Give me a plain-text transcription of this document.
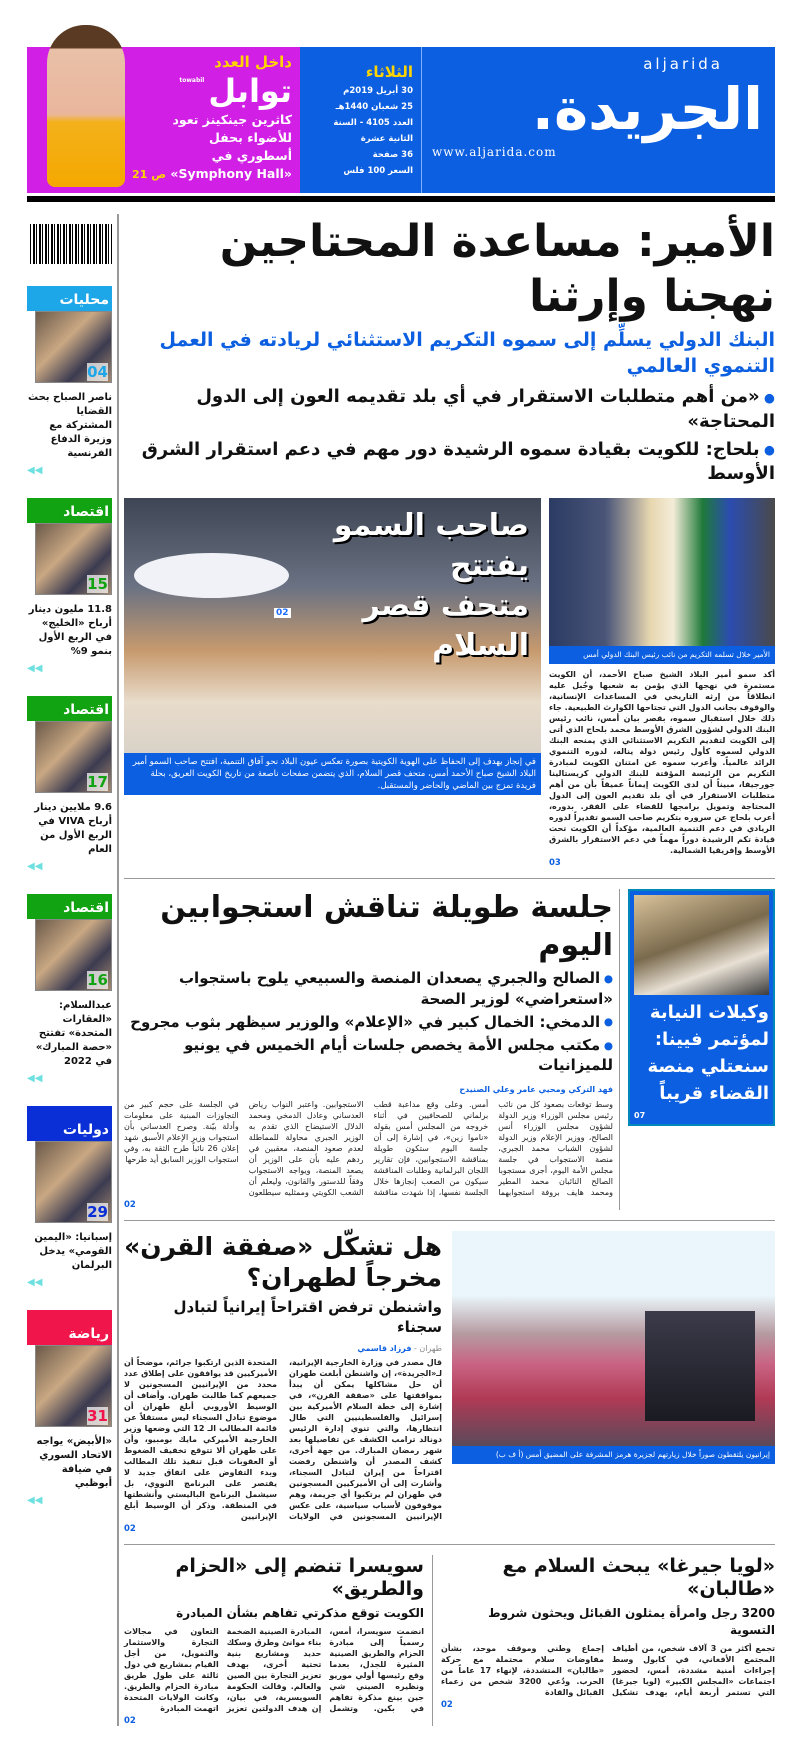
داخل العدد
توابل
towabil
كاثرين جينكينز تعود للأضواء بحفل
أسطوري في «Symphony Hall» ص 21
الثلاثاء
30 أبريل 2019م
25 شعبان 1440هـ
العدد 4105 - السنة الثانية عشرة
36 صفحة
السعر 100 فلس
aljarida
الجريدة.
www.aljarida.com
محليات
04
ناصر الصباح بحث القضايا المشتركة مع وزيرة الدفاع الفرنسية
◀◀
اقتصاد
15
11.8 مليون دينار أرباح «الخليج» في الربع الأول بنمو 9%
◀◀
اقتصاد
17
9.6 ملايين دينار أرباح VIVA في الربع الأول من العام
◀◀
اقتصاد
16
عبدالسلام: «العقارات المتحدة» تفتتح «حصة المبارك» في 2022
◀◀
دوليات
29
إسبانيا: «اليمين القومي» يدخل البرلمان
◀◀
رياضة
31
«الأبيض» يواجه الاتحاد السوري في ضيافة أبوظبي
◀◀
الأمير: مساعدة المحتاجين نهجنا وإرثنا
البنك الدولي يسلِّم إلى سموه التكريم الاستثنائي لريادته في العمل التنموي العالمي
● «من أهم متطلبات الاستقرار في أي بلد تقديمه العون إلى الدول المحتاجة»
● بلحاج: للكويت بقيادة سموه الرشيدة دور مهم في دعم استقرار الشرق الأوسط
صاحب السمو يفتتح
متحف قصر السلام
02
في إنجاز يهدف إلى الحفاظ على الهوية الكويتية بصورة تعكس عيون البلاد نحو آفاق التنمية، افتتح صاحب السمو أمير البلاد الشيخ صباح الأحمد أمس، متحف قصر السلام، الذي يتضمن صفحات ناصعة من تاريخ الكويت العريق، بحلة فريدة تمزج بين الماضي والحاضر والمستقبل.
الأمير خلال تسلمه التكريم من نائب رئيس البنك الدولي أمس
أكد سمو أمير البلاد الشيخ صباح الأحمد، أن الكويت مستمرة في نهجها الذي يؤمن به شعبها وجُبل عليه انطلاقاً من إرثه التاريخي في المساعدات الإنسانية، والوقوف بجانب الدول التي تجتاحها الكوارث الطبيعية. جاء ذلك خلال استقبال سموه، بقصر بيان أمس، نائب رئيس البنك الدولي لشؤون الشرق الأوسط محمد بلحاج الذي أتى إلى الكويت لتقديم التكريم الاستثنائي الذي يمنحه البنك الدولي لسموه كأول رئيس دولة يناله، لدوره التنموي الرائد عالمياً. وأعرب سموه عن امتنان الكويت لمبادرة التكريم من الرئيسة المؤقتة للبنك الدولي كريستالينا جورجيفا، مبيناً أن لدى الكويت إيماناً عميقاً بأن من أهم متطلبات الاستقرار في أي بلد تقديم العون إلى الدول المحتاجة وتمويل برامجها للقضاء على الفقر. بدوره، أعرب بلحاج عن سروره بتكريم صاحب السمو تقديراً لدوره الريادي في دعم التنمية العالمية، مؤكداً أن الكويت تحت قيادة تكم الرشيدة دوراً مهماً في دعم الاستقرار بالشرق الأوسط وإفريقيا الشمالية.
03
جلسة طويلة تناقش استجوابين اليوم
● الصالح والجبري يصعدان المنصة والسبيعي يلوح باستجواب «استعراضي» لوزير الصحة
● الدمخي: الخمال كبير في «الإعلام» والوزير سيظهر بثوب مجروح
● مكتب مجلس الأمة يخصص جلسات أيام الخميس في يونيو للميزانيات
فهد التركي ومحيي عامر وعلي الصنيدح
وسط توقعات بصعود كل من نائب رئيس مجلس الوزراء وزير الدولة لشؤون مجلس الوزراء أنس الصالح، ووزير الإعلام وزير الدولة لشؤون الشباب محمد الجبري، منصة الاستجواب في جلسة مجلس الأمة اليوم، أجرى مستجوبا الصالح النائبان محمد المطير ومحمد هايف بروفة استجوابهما أمس. وعلى وقع مداعبة قطب برلماني للصحافيين في أثناء خروجه من المجلس أمس بقوله «ناموا زين»، في إشارة إلى أن جلسة اليوم ستكون طويلة بمناقشة الاستجوابين، فإن تقارير اللجان البرلمانية وطلبات المناقشة سيكون من الصعب إنجازها خلال الجلسة نفسها، إذا شهدت مناقشة الاستجوابين. واعتبر النواب رياض العدساني وعادل الدمخي ومحمد الدلال الاستيضاح الذي تقدم به الوزير الجبري محاولة للمماطلة لعدم صعود المنصة، معقبين في ردهم عليه بأن على الوزير أن يصعد المنصة، ويواجه الاستجواب وفقاً للدستور والقانون، وليعلم أن الشعب الكويتي وممثليه سيطلعون في الجلسة على حجم كبير من التجاوزات المبنية على معلومات وأدلة بيّنة. وصرح العدساني بأن استجواب وزير الإعلام الأسبق شهد إعلان 26 نائباً طرح الثقة به، وفي استجواب الوزير السابق أيد طرحها
02
وكيلات النيابة لمؤتمر فيينا: سنعتلي منصة القضاء قريباً
07
هل تشكّل «صفقة القرن» مخرجاً لطهران؟
واشنطن ترفض اقتراحاً إيرانياً لتبادل سجناء
طهران - فرزاد قاسمي
قال مصدر في وزارة الخارجية الإيرانية، لـ«الجريدة»، إن واشنطن أبلغت طهران أن حل مشاكلها يمكن أن يبدأ بموافقتها على «صفقة القرن»، في إشارة إلى خطة السلام الأميركية بين إسرائيل والفلسطينيين التي طال انتظارها، والتي تنوي إدارة الرئيس دونالد ترامب الكشف عن تفاصيلها بعد شهر رمضان المبارك. من جهة أخرى، كشف المصدر أن واشنطن رفضت اقتراحاً من إيران لتبادل السجناء، وأشارت إلى أن الأميركيين المسجونين في طهران لم يرتكبوا أي جريمة، وهم موقوفون لأسباب سياسية، على عكس الإيرانيين المسجونين في الولايات المتحدة الذين ارتكبوا جرائم، موضحاً أن الأميركيين قد يوافقون على إطلاق عدد محدد من الإيرانيين المسجونين لا جميعهم كما طالبت طهران. وأضاف أن الوسيط الأوروبي أبلغ طهران أن موضوع تبادل السجناء ليس مستقلاً عن قائمة المطالب الـ 12 التي وضعها وزير الخارجية الأميركي مايك بومبيو، وأن على طهران ألا تتوقع تخفيف الضغوط أو العقوبات قبل تنفيذ تلك المطالب وبدء التفاوض على اتفاق جديد لا يقتصر على البرنامج النووي، بل سيشمل البرنامج الباليستي وأنشطتها في المنطقة. وذكر أن الوسيط أبلغ الإيرانيين
02
إيرانيون يلتقطون صوراً خلال زيارتهم لجزيرة هرمز المشرفة على المضيق أمس (أ ف ب)
سويسرا تنضم إلى «الحزام والطريق»
الكويت توقع مذكرتي تفاهم بشأن المبادرة
انضمت سويسرا، أمس، رسمياً إلى مبادرة الحزام والطريق الصينية المثيرة للجدل، بعدما وقع رئيسها أولي موريو ونظيره الصيني شي جين بينغ مذكرة تفاهم في بكين. وتشمل المبادرة الصينية الضخمة بناء موانئ وطرق وسكك حديد ومشاريع بنية تحتية أخرى، بهدف تعزيز التجارة بين الصين والعالم. وقالت الحكومة السويسرية، في بيان، إن هدف الدولتين تعزيز التعاون في مجالات التجارة والاستثمار والتمويل، من أجل القيام بمشاريع في دول ثالثة على طول طريق مبادرة الحزام والطريق. وكانت الولايات المتحدة اتهمت المبادرة
02
«لويا جيرغا» يبحث السلام مع «طالبان»
3200 رجل وامرأة يمثلون القبائل ويحثون شروط التسوية
تجمع أكثر من 3 آلاف شخص، من أطياف المجتمع الأفغاني، في كابول وسط إجراءات أمنية مشددة، أمس، لحضور اجتماعات «المجلس الكبير» (لويا جيرغا) التي تستمر أربعة أيام، بهدف تشكيل إجماع وطني وموقف موحد، بشأن مفاوضات سلام محتملة مع حركة «طالبان» المتشددة، لإنهاء 17 عاماً من الحرب. ودُعي 3200 شخص من زعماء القبائل والقادة
02
